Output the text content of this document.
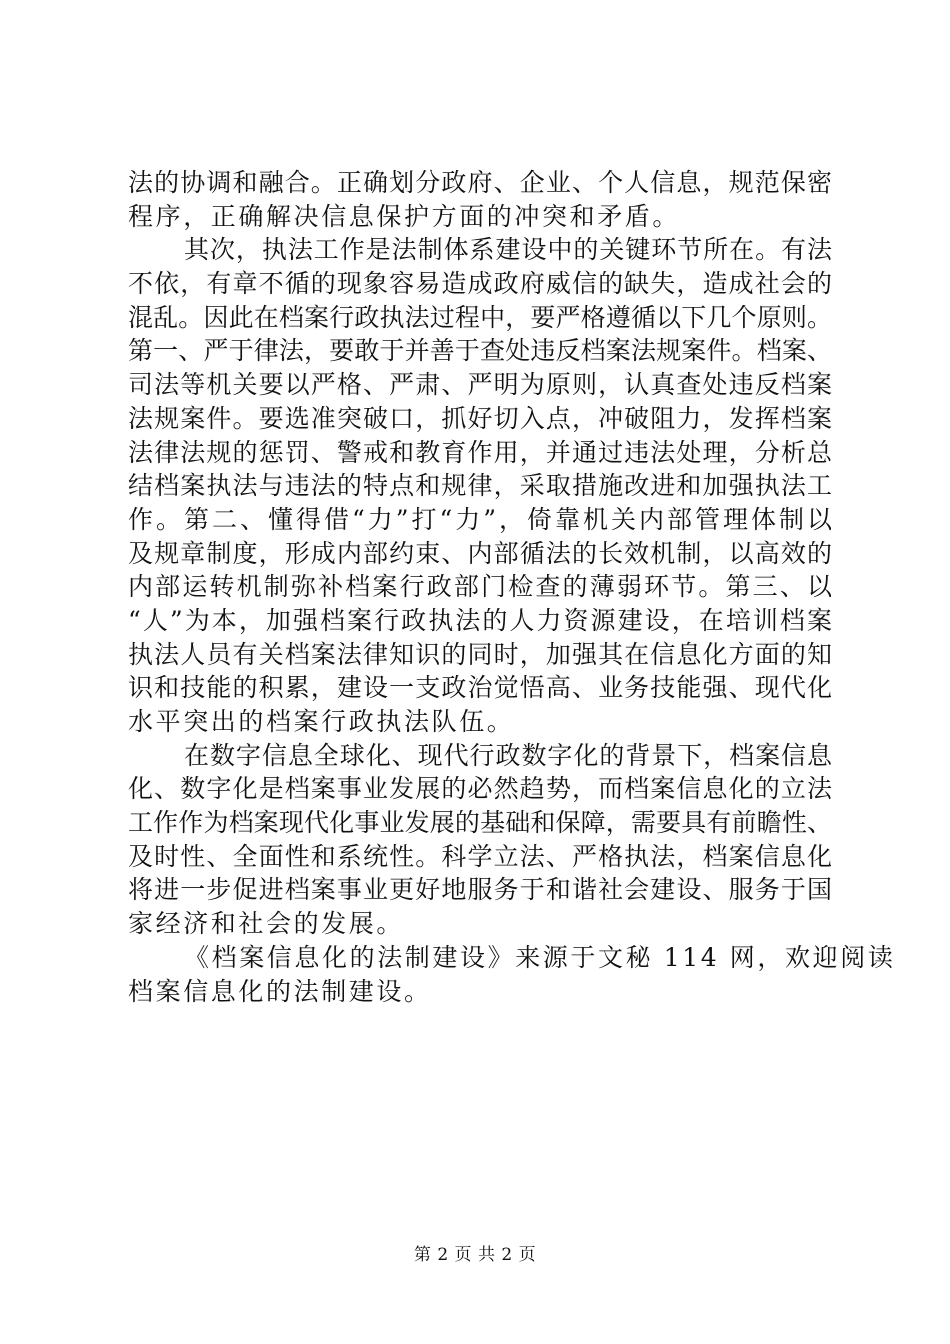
法的协调和融合。正确划分政府、企业、个人信息，规范保密
程序，正确解决信息保护方面的冲突和矛盾。
其次，执法工作是法制体系建设中的关键环节所在。有法
不依，有章不循的现象容易造成政府威信的缺失，造成社会的
混乱。因此在档案行政执法过程中，要严格遵循以下几个原则。
第一、严于律法，要敢于并善于查处违反档案法规案件。档案、
司法等机关要以严格、严肃、严明为原则，认真查处违反档案
法规案件。要选准突破口，抓好切入点，冲破阻力，发挥档案
法律法规的惩罚、警戒和教育作用，并通过违法处理，分析总
结档案执法与违法的特点和规律，采取措施改进和加强执法工
作。第二、懂得借“力”打“力”，倚靠机关内部管理体制以
及规章制度，形成内部约束、内部循法的长效机制，以高效的
内部运转机制弥补档案行政部门检查的薄弱环节。第三、以
“人”为本，加强档案行政执法的人力资源建设，在培训档案
执法人员有关档案法律知识的同时，加强其在信息化方面的知
识和技能的积累，建设一支政治觉悟高、业务技能强、现代化
水平突出的档案行政执法队伍。
在数字信息全球化、现代行政数字化的背景下，档案信息
化、数字化是档案事业发展的必然趋势，而档案信息化的立法
工作作为档案现代化事业发展的基础和保障，需要具有前瞻性、
及时性、全面性和系统性。科学立法、严格执法，档案信息化
将进一步促进档案事业更好地服务于和谐社会建设、服务于国
家经济和社会的发展。
《档案信息化的法制建设》来源于文秘 114 网，欢迎阅读
档案信息化的法制建设。
第 2 页 共 2 页
